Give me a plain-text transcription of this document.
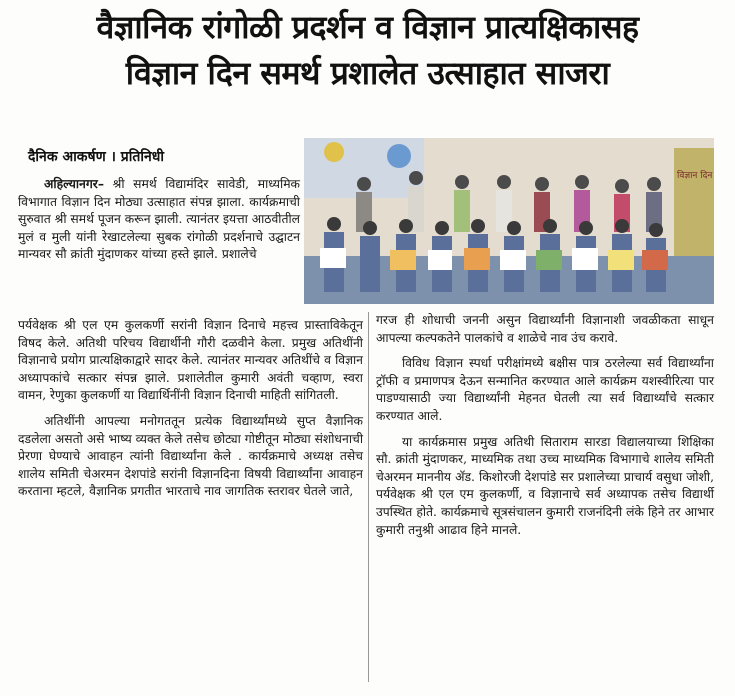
वैज्ञानिक रांगोळी प्रदर्शन व विज्ञान प्रात्यक्षिकासह
विज्ञान दिन समर्थ प्रशालेत उत्साहात साजरा
दैनिक आकर्षण । प्रतिनिधी
विज्ञान दिन

अहिल्यानगर– श्री समर्थ विद्यामंदिर सावेडी, माध्यमिक विभागात विज्ञान दिन मोठ्या उत्साहात संपन्न झाला. कार्यक्रमाची सुरुवात श्री समर्थ पूजन करून झाली. त्यानंतर इयत्ता आठवीतील मुलं व मुली यांनी रेखाटलेल्या सुबक रांगोळी प्रदर्शनाचे उद्घाटन मान्यवर सौ क्रांती मुंदाणकर यांच्या हस्ते झाले. प्रशालेचे

पर्यवेक्षक श्री एल एम कुलकर्णी सरांनी विज्ञान दिनाचे महत्त्व प्रास्ताविकेतून विषद केले. अतिथी परिचय विद्यार्थीनी गौरी दळवीने केला. प्रमुख अतिथींनी विज्ञानाचे प्रयोग प्रात्यक्षिकाद्वारे सादर केले. त्यानंतर मान्यवर अतिथींचे व विज्ञान अध्यापकांचे सत्कार संपन्न झाले. प्रशालेतील कुमारी अवंती चव्हाण, स्वरा वामन, रेणुका कुलकर्णी या विद्यार्थिनींनी विज्ञान दिनाची माहिती सांगितली.

अतिथींनी आपल्या मनोगततून प्रत्येक विद्यार्थ्यांमध्ये सुप्त वैज्ञानिक दडलेला असतो असे भाष्य व्यक्त केले तसेच छोट्या गोष्टीतून मोठ्या संशोधनाची प्रेरणा घेण्याचे आवाहन त्यांनी विद्यार्थ्यांना केले . कार्यक्रमाचे अध्यक्ष तसेच शालेय समिती चेअरमन देशपांडे सरांनी विज्ञानदिना विषयी विद्यार्थ्यांना आवाहन करताना म्हटले, वैज्ञानिक प्रगतीत भारताचे नाव जागतिक स्तरावर घेतले जाते,

गरज ही शोधाची जननी असुन विद्यार्थ्यांनी विज्ञानाशी जवळीकता साधून आपल्या कल्पकतेने पालकांचे व शाळेचे नाव उंच करावे.

विविध विज्ञान स्पर्धा परीक्षांमध्ये बक्षीस पात्र ठरलेल्या सर्व विद्यार्थ्यांना ट्रॉफी व प्रमाणपत्र देऊन सन्मानित करण्यात आले कार्यक्रम यशस्वीरित्या पार पाडण्यासाठी ज्या विद्यार्थ्यांनी मेहनत घेतली त्या सर्व विद्यार्थ्यांचे सत्कार करण्यात आले.

या कार्यक्रमास प्रमुख अतिथी सिताराम सारडा विद्यालयाच्या शिक्षिका सौ. क्रांती मुंदाणकर, माध्यमिक तथा उच्च माध्यमिक विभागाचे शालेय समिती चेअरमन माननीय ॲड. किशोरजी देशपांडे सर प्रशालेच्या प्राचार्य वसुधा जोशी, पर्यवेक्षक श्री एल एम कुलकर्णी, व विज्ञानाचे सर्व अध्यापक तसेच विद्यार्थी उपस्थित होते. कार्यक्रमाचे सूत्रसंचालन कुमारी राजनंदिनी लंके हिने तर आभार कुमारी तनुश्री आढाव हिने मानले.
